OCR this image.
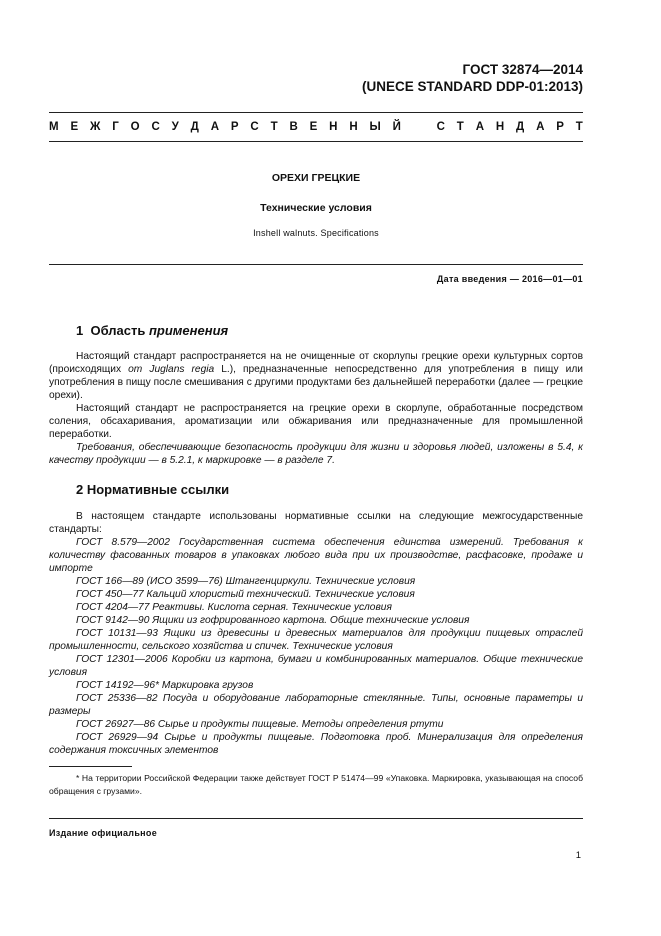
ГОСТ 32874—2014
(UNECE STANDARD DDP-01:2013)
М Е Ж Г О С У Д А Р С Т В Е Н Н Ы Й	С Т А Н Д А Р Т
ОРЕХИ ГРЕЦКИЕ
Технические условия
Inshell walnuts. Specifications
Дата введения — 2016—01—01
1 Область применения

Настоящий стандарт распространяется на не очищенные от скорлупы грецкие орехи культурных сортов (происходящих от Juglans regia L.), предназначенные непосредственно для употребления в пищу или употребления в пищу после смешивания с другими продуктами без дальнейшей переработки (далее — грецкие орехи).

Настоящий стандарт не распространяется на грецкие орехи в скорлупе, обработанные посредством соления, обсахаривания, ароматизации или обжаривания или предназначенные для промышленной переработки.

Требования, обеспечивающие безопасность продукции для жизни и здоровья людей, изложены в 5.4, к качеству продукции — в 5.2.1, к маркировке — в разделе 7.

2 Нормативные ссылки

В настоящем стандарте использованы нормативные ссылки на следующие межгосударственные стандарты:

ГОСТ 8.579—2002 Государственная система обеспечения единства измерений. Требования к количеству фасованных товаров в упаковках любого вида при их производстве, расфасовке, продаже и импорте

ГОСТ 166—89 (ИСО 3599—76) Штангенциркули. Технические условия

ГОСТ 450—77 Кальций хлористый технический. Технические условия

ГОСТ 4204—77 Реактивы. Кислота серная. Технические условия

ГОСТ 9142—90 Ящики из гофрированного картона. Общие технические условия

ГОСТ 10131—93 Ящики из древесины и древесных материалов для продукции пищевых отраслей промышленности, сельского хозяйства и спичек. Технические условия

ГОСТ 12301—2006 Коробки из картона, бумаги и комбинированных материалов. Общие технические условия

ГОСТ 14192—96* Маркировка грузов

ГОСТ 25336—82 Посуда и оборудование лабораторные стеклянные. Типы, основные параметры и размеры

ГОСТ 26927—86 Сырье и продукты пищевые. Методы определения ртути

ГОСТ 26929—94 Сырье и продукты пищевые. Подготовка проб. Минерализация для определения содержания токсичных элементов

* На территории Российской Федерации также действует ГОСТ Р 51474—99 «Упаковка. Маркировка, указывающая на способ обращения с грузами».

Издание официальное
1
